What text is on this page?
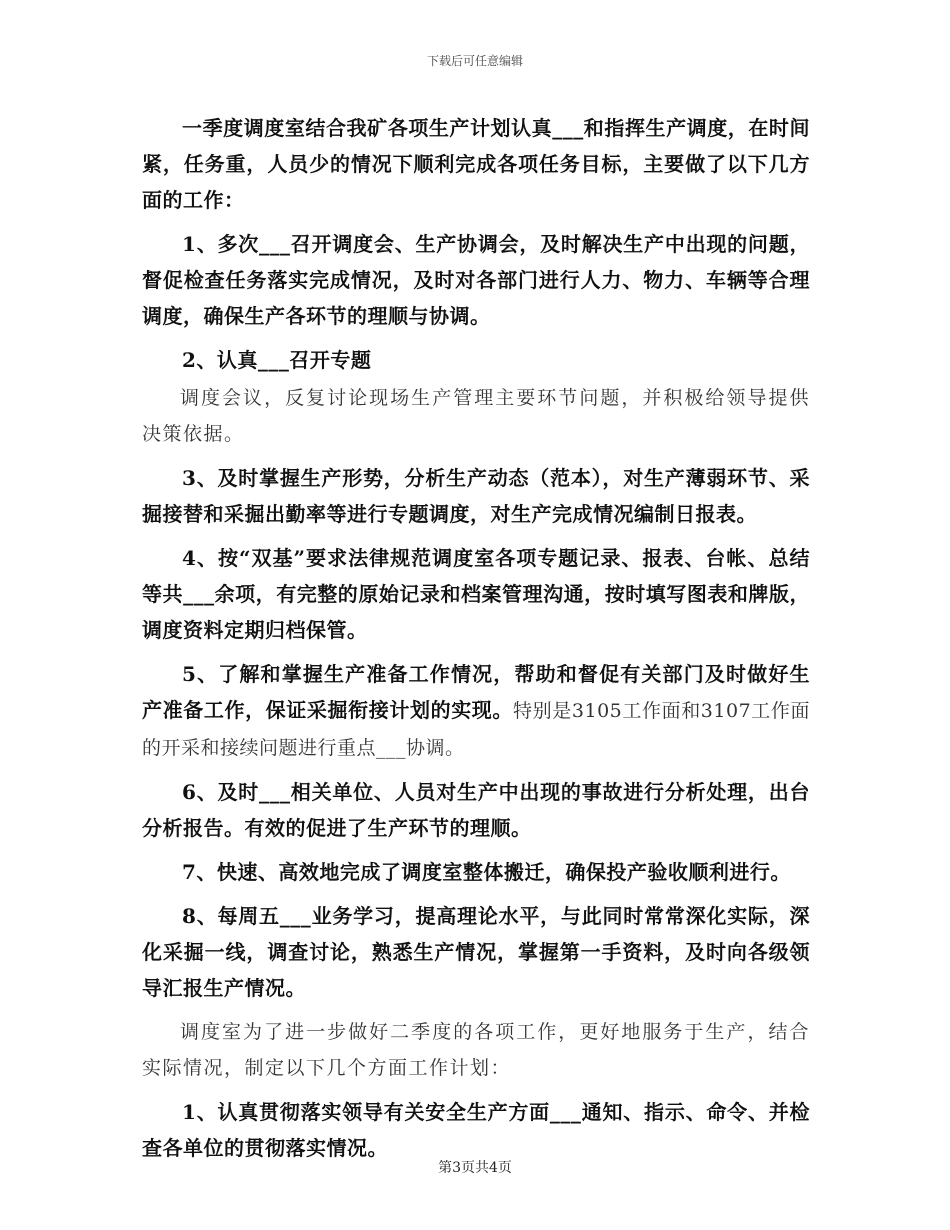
下载后可任意编辑

一季度调度室结合我矿各项生产计划认真___和指挥生产调度，在时间紧，任务重，人员少的情况下顺利完成各项任务目标，主要做了以下几方面的工作：

1、多次___召开调度会、生产协调会，及时解决生产中出现的问题，督促检查任务落实完成情况，及时对各部门进行人力、物力、车辆等合理调度，确保生产各环节的理顺与协调。

2、认真___召开专题

调度会议，反复讨论现场生产管理主要环节问题，并积极给领导提供决策依据。

3、及时掌握生产形势，分析生产动态（范本），对生产薄弱环节、采掘接替和采掘出勤率等进行专题调度，对生产完成情况编制日报表。

4、按“双基”要求法律规范调度室各项专题记录、报表、台帐、总结等共___余项，有完整的原始记录和档案管理沟通，按时填写图表和牌版，调度资料定期归档保管。

5、了解和掌握生产准备工作情况，帮助和督促有关部门及时做好生产准备工作，保证采掘衔接计划的实现。特别是3105工作面和3107工作面的开采和接续问题进行重点___协调。

6、及时___相关单位、人员对生产中出现的事故进行分析处理，出台分析报告。有效的促进了生产环节的理顺。

7、快速、高效地完成了调度室整体搬迁，确保投产验收顺利进行。

8、每周五___业务学习，提高理论水平，与此同时常常深化实际，深化采掘一线，调查讨论，熟悉生产情况，掌握第一手资料，及时向各级领导汇报生产情况。

调度室为了进一步做好二季度的各项工作，更好地服务于生产，结合实际情况，制定以下几个方面工作计划：

1、认真贯彻落实领导有关安全生产方面___通知、指示、命令、并检查各单位的贯彻落实情况。

第3页共4页
